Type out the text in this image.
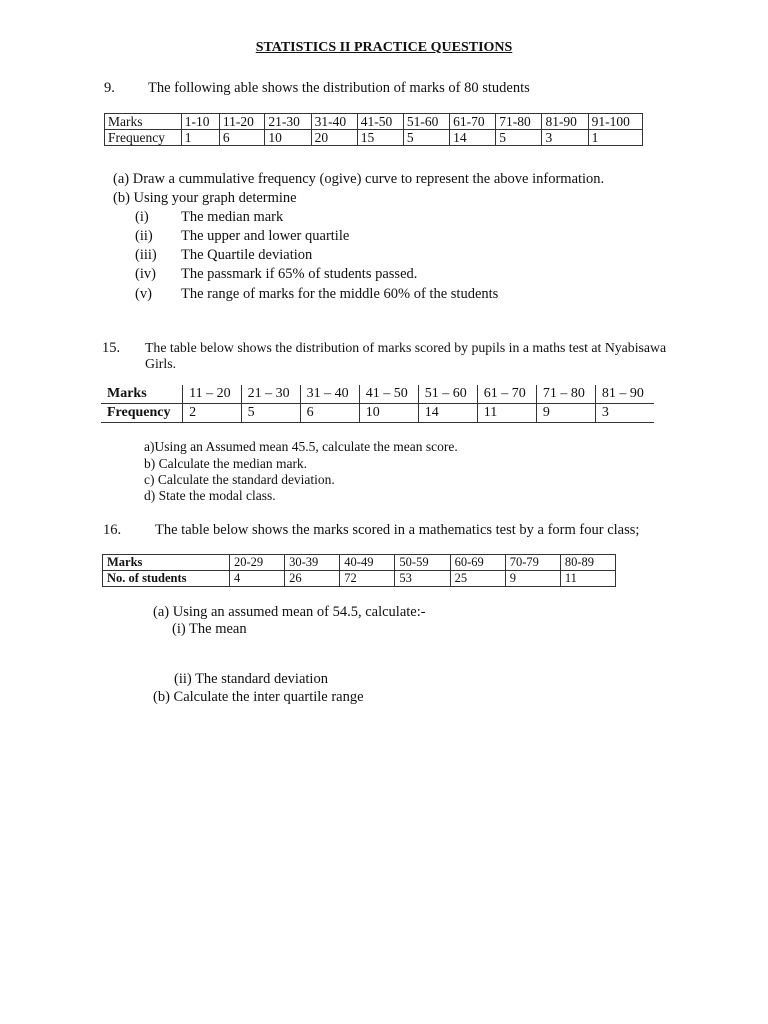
STATISTICS II PRACTICE QUESTIONS
9. The following able shows the distribution of marks of 80 students
Marks	1-10	11-20	21-30	31-40	41-50	51-60	61-70	71-80	81-90	91-100
Frequency	1	6	10	20	15	5	14	5	3	1
(a) Draw a cummulative frequency (ogive) curve to represent the above information.
(b) Using your graph determine
(i) The median mark
(ii) The upper and lower quartile
(iii) The Quartile deviation
(iv) The passmark if 65% of students passed.
(v) The range of marks for the middle 60% of the students
15. The table below shows the distribution of marks scored by pupils in a maths test at Nyabisawa
Girls.
Marks	11 – 20	21 – 30	31 – 40	41 – 50	51 – 60	61 – 70	71 – 80	81 – 90
Frequency	2	5	6	10	14	11	9	3
a)Using an Assumed mean 45.5, calculate the mean score.
b) Calculate the median mark.
c) Calculate the standard deviation.
d) State the modal class.
16. The table below shows the marks scored in a mathematics test by a form four class;
Marks	20-29	30-39	40-49	50-59	60-69	70-79	80-89
No. of students	4	26	72	53	25	9	11
(a) Using an assumed mean of 54.5, calculate:-
(i) The mean
(ii) The standard deviation
(b) Calculate the inter quartile range
